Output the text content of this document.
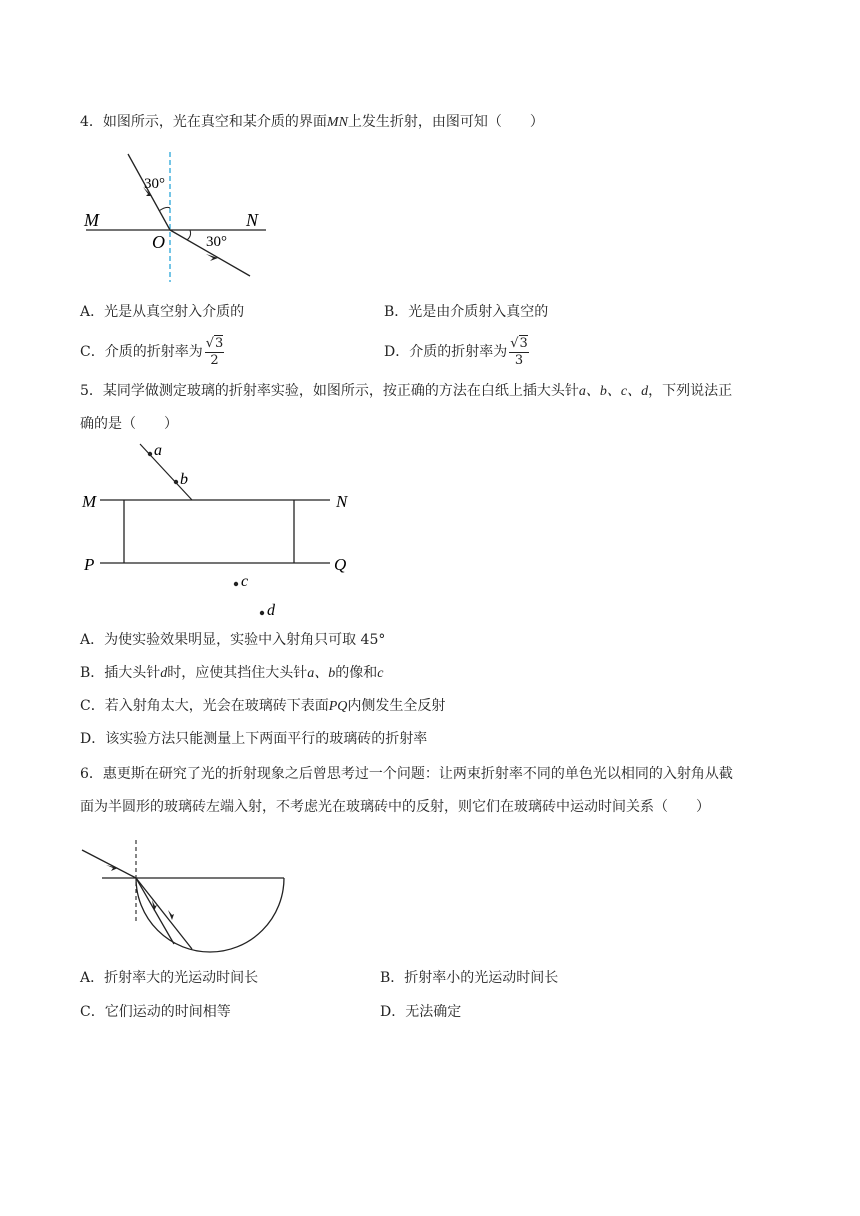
4．如图所示，光在真空和某介质的界面MN上发生折射，由图可知（　　）
M	N
O
30°
30°
A．光是从真空射入介质的	B．光是由介质射入真空的
C．介质的折射率为 $\frac{√3}{2}$	D．介质的折射率为 $\frac{√3}{3}$
5．某同学做测定玻璃的折射率实验，如图所示，按正确的方法在白纸上插大头针a、b、c、d，下列说法正
确的是（　　）
a
b
c
d
M	N
P	Q
A．为使实验效果明显，实验中入射角只可取 45°
B．插大头针d时，应使其挡住大头针a、b的像和c
C．若入射角太大，光会在玻璃砖下表面PQ内侧发生全反射
D．该实验方法只能测量上下两面平行的玻璃砖的折射率
6．惠更斯在研究了光的折射现象之后曾思考过一个问题：让两束折射率不同的单色光以相同的入射角从截
面为半圆形的玻璃砖左端入射，不考虑光在玻璃砖中的反射，则它们在玻璃砖中运动时间关系（　　）
A．折射率大的光运动时间长	B．折射率小的光运动时间长
C．它们运动的时间相等	D．无法确定
